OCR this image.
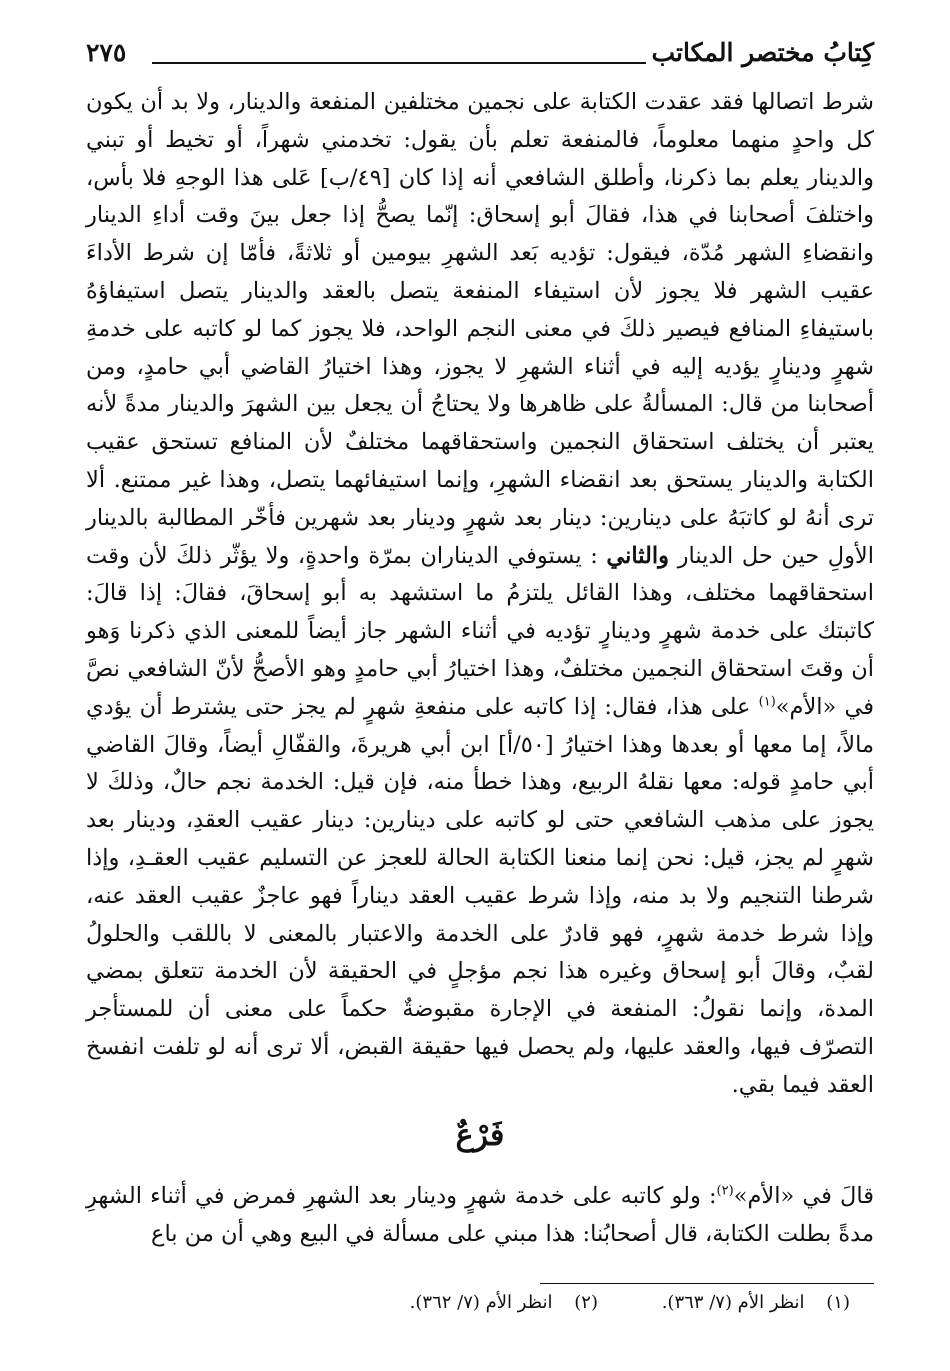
كِتابُ مختصر المكاتب
٢٧٥

شرط اتصالها فقد عقدت الكتابة على نجمين مختلفين المنفعة والدينار، ولا بد أن يكون كل واحدٍ منهما معلوماً، فالمنفعة تعلم بأن يقول: تخدمني شهراً، أو تخيط أو تبني والدينار يعلم بما ذكرنا، وأطلق الشافعي أنه إذا كان [٤٩/ب] عَلى هذا الوجهِ فلا بأس، واختلفَ أصحابنا في هذا، فقالَ أبو إسحاق: إنّما يصحُّ إذا جعل بينَ وقت أداءِ الدينار وانقضاءِ الشهر مُدّة، فيقول: تؤديه بَعد الشهرِ بيومين أو ثلاثةً، فأمّا إن شرط الأداءَ عقيب الشهر فلا يجوز لأن استيفاء المنفعة يتصل بالعقد والدينار يتصل استيفاؤهُ باستيفاءِ المنافع فيصير ذلكَ في معنى النجم الواحد، فلا يجوز كما لو كاتبه على خدمةِ شهرٍ ودينارٍ يؤديه إليه في أثناء الشهرِ لا يجوز، وهذا اختيارُ القاضي أبي حامدٍ، ومن أصحابنا من قال: المسألةُ على ظاهرها ولا يحتاجُ أن يجعل بين الشهرَ والدينار مدةً لأنه يعتبر أن يختلف استحقاق النجمين واستحقاقهما مختلفٌ لأن المنافع تستحق عقيب الكتابة والدينار يستحق بعد انقضاء الشهرِ، وإنما استيفائهما يتصل، وهذا غير ممتنع. ألا ترى أنهُ لو كاتبَهُ على دينارين: دينار بعد شهرٍ ودينار بعد شهرين فأخّر المطالبة بالدينار الأولِ حين حل الدينار والثاني : يستوفي الديناران بمرّة واحدةٍ، ولا يؤثّر ذلكَ لأن وقت استحقاقهما مختلف، وهذا القائل يلتزمُ ما استشهد به أبو إسحاقَ، فقالَ: إذا قالَ: كاتبتك على خدمة شهرٍ ودينارٍ تؤديه في أثناء الشهر جاز أيضاً للمعنى الذي ذكرنا وَهو أن وقتَ استحقاق النجمين مختلفٌ، وهذا اختيارُ أبي حامدٍ وهو الأصحُّ لأنّ الشافعي نصَّ في «الأم»$^{(١)}$ على هذا، فقال: إذا كاتبه على منفعةِ شهرٍ لم يجز حتى يشترط أن يؤدي مالاً، إما معها أو بعدها وهذا اختيارُ [٥٠/أ] ابن أبي هريرةَ، والقفّالِ أيضاً، وقالَ القاضي أبي حامدٍ قوله: معها نقلهُ الربيع، وهذا خطأ منه، فإن قيل: الخدمة نجم حالٌ، وذلكَ لا يجوز على مذهب الشافعي حتى لو كاتبه على دينارين: دينار عقيب العقدِ، ودينار بعد شهرٍ لم يجز، قيل: نحن إنما منعنا الكتابة الحالة للعجز عن التسليم عقيب العقـدِ، وإذا شرطنا التنجيم ولا بد منه، وإذا شرط عقيب العقد ديناراً فهو عاجزٌ عقيب العقد عنه، وإذا شرط خدمة شهرٍ، فهو قادرٌ على الخدمة والاعتبار بالمعنى لا باللقب والحلولُ لقبٌ، وقالَ أبو إسحاق وغيره هذا نجم مؤجلٍ في الحقيقة لأن الخدمة تتعلق بمضي المدة، وإنما نقولُ: المنفعة في الإجارة مقبوضةٌ حكماً على معنى أن للمستأجر التصرّف فيها، والعقد عليها، ولم يحصل فيها حقيقة القبض، ألا ترى أنه لو تلفت انفسخ العقد فيما بقي.

فَرْعٌ
قالَ في «الأم»$^{(٢)}$: ولو كاتبه على خدمة شهرٍ ودينار بعد الشهرِ فمرض في أثناء الشهرِ مدةً بطلت الكتابة، قال أصحابُنا: هذا مبني على مسألة في البيع وهي أن من باع
(١) انظر الأم (٧/ ٣٦٣). (٢) انظر الأم (٧/ ٣٦٢).
